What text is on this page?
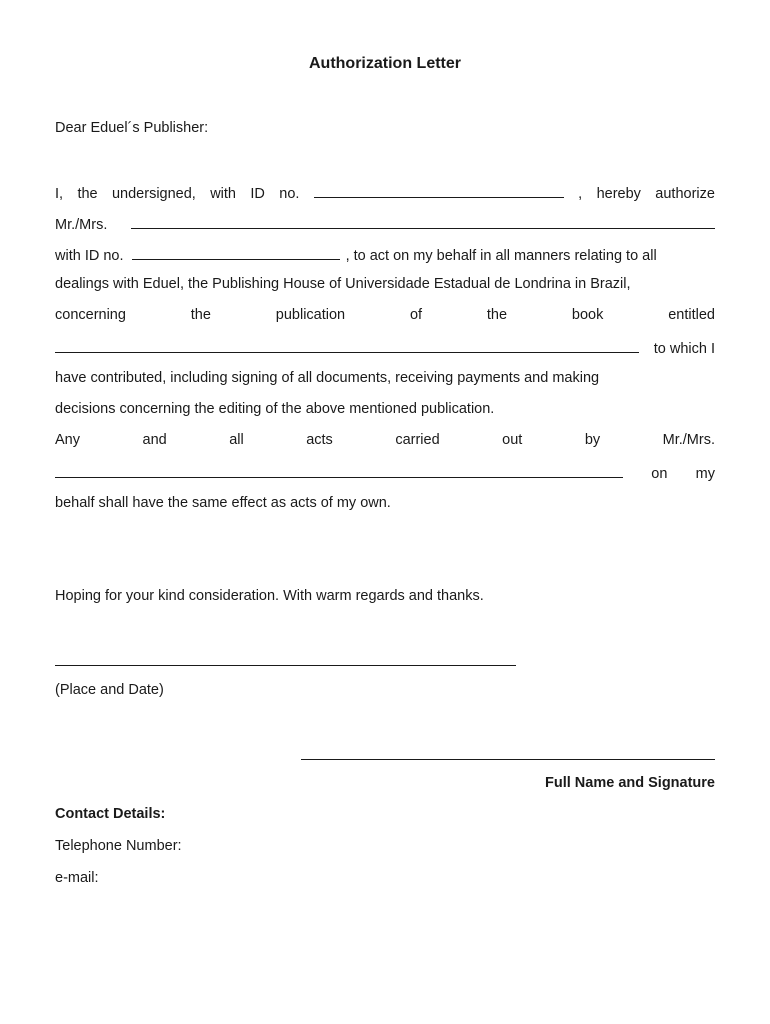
Authorization Letter
Dear Eduel´s Publisher:
I, the undersigned, with ID no.	, hereby authorize
Mr./Mrs.
with ID no.	, to act on my behalf in all manners relating to all
dealings with Eduel, the Publishing House of Universidade Estadual de Londrina in Brazil,
concerning	the	publication	of	the	book	entitled
to which I
have contributed, including signing of all documents, receiving payments and making
decisions concerning the editing of the above mentioned publication.
Any	and	all	acts	carried	out	by	Mr./Mrs.
on my
behalf shall have the same effect as acts of my own.
Hoping for your kind consideration. With warm regards and thanks.
(Place and Date)
Full Name and Signature
Contact Details:
Telephone Number:
e-mail:
